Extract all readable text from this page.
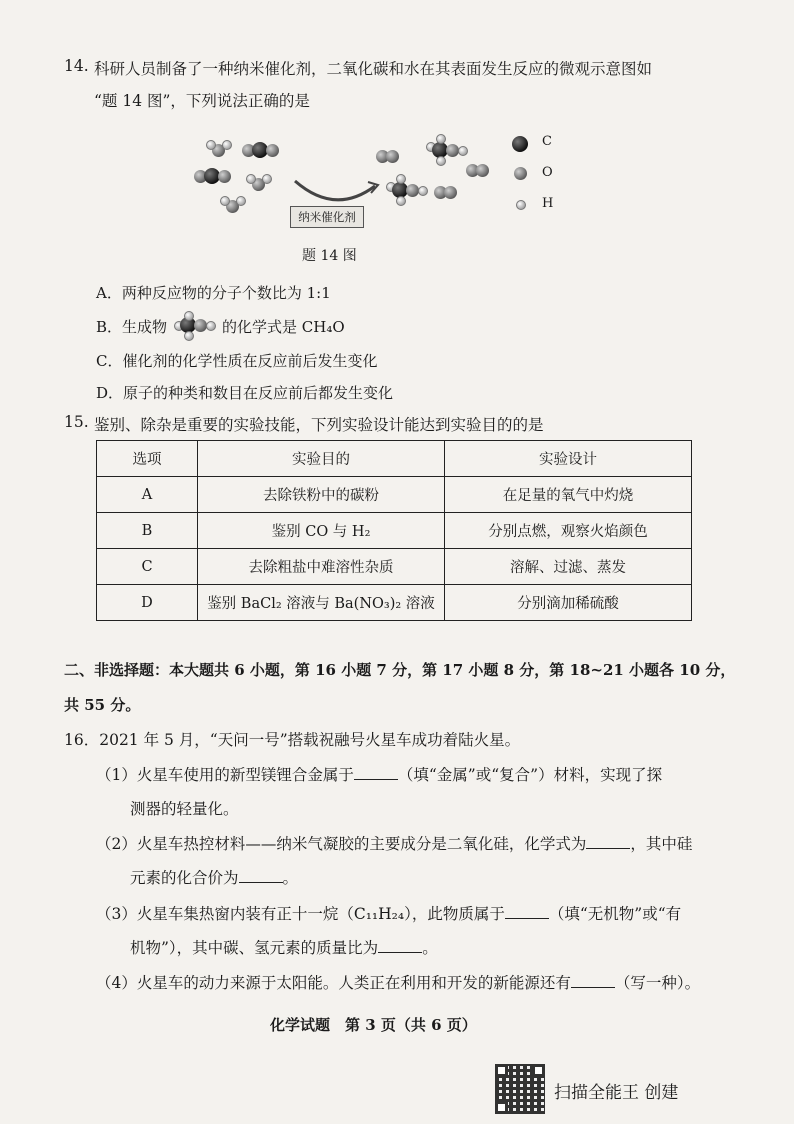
14. 科研人员制备了一种纳米催化剂，二氧化碳和水在其表面发生反应的微观示意图如
“题 14 图”，下列说法正确的是
纳米催化剂
C
O
H
题 14 图
A．两种反应物的分子个数比为 1:1
B．生成物	的化学式是 CH₄O
C．催化剂的化学性质在反应前后发生变化
D．原子的种类和数目在反应前后都发生变化
15. 鉴别、除杂是重要的实验技能，下列实验设计能达到实验目的的是
选项	实验目的	实验设计
A	去除铁粉中的碳粉	在足量的氧气中灼烧
B	鉴别 CO 与 H₂	分别点燃，观察火焰颜色
C	去除粗盐中难溶性杂质	溶解、过滤、蒸发
D	鉴别 BaCl₂ 溶液与 Ba(NO₃)₂ 溶液	分别滴加稀硫酸
二、非选择题：本大题共 6 小题，第 16 小题 7 分，第 17 小题 8 分，第 18~21 小题各 10 分，
共 55 分。
16．2021 年 5 月，“天问一号”搭载祝融号火星车成功着陆火星。
（1）火星车使用的新型镁锂合金属于	（填“金属”或“复合”）材料，实现了探
测器的轻量化。
（2）火星车热控材料——纳米气凝胶的主要成分是二氧化硅，化学式为	，其中硅
元素的化合价为	。
（3）火星车集热窗内装有正十一烷（C₁₁H₂₄），此物质属于	（填“无机物”或“有
机物”），其中碳、氢元素的质量比为	。
（4）火星车的动力来源于太阳能。人类正在利用和开发的新能源还有	（写一种）。
化学试题　第 3 页（共 6 页）
扫描全能王 创建
